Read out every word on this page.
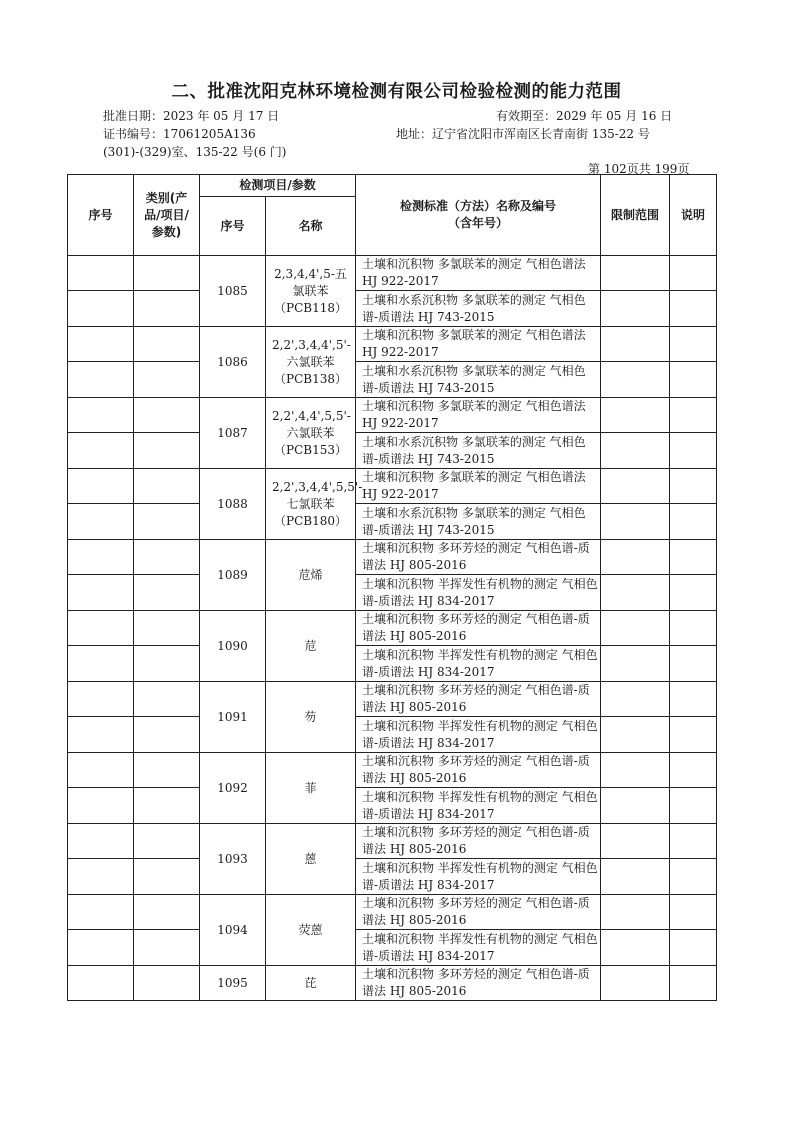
二、批准沈阳克林环境检测有限公司检验检测的能力范围
批准日期：2023 年 05 月 17 日	有效期至：2029 年 05 月 16 日
证书编号：17061205A136	地址：辽宁省沈阳市浑南区长青南街 135-22 号
(301)-(329)室、135-22 号(6 门)
第 102页共 199页
序号	类别(产品/项目/参数)	检测项目/参数		检测标准（方法）名称及编号（含年号）	限制范围	说明
		序号	名称			
		1085	2,3,4,4',5-五氯联苯（PCB118）	土壤和沉积物 多氯联苯的测定 气相色谱法 HJ 922-2017		
				土壤和水系沉积物 多氯联苯的测定 气相色谱-质谱法 HJ 743-2015		
		1086	2,2',3,4,4',5'-六氯联苯（PCB138）	土壤和沉积物 多氯联苯的测定 气相色谱法 HJ 922-2017		
				土壤和水系沉积物 多氯联苯的测定 气相色谱-质谱法 HJ 743-2015		
		1087	2,2',4,4',5,5'-六氯联苯（PCB153）	土壤和沉积物 多氯联苯的测定 气相色谱法 HJ 922-2017		
				土壤和水系沉积物 多氯联苯的测定 气相色谱-质谱法 HJ 743-2015		
		1088	2,2',3,4,4',5,5'-七氯联苯（PCB180）	土壤和沉积物 多氯联苯的测定 气相色谱法 HJ 922-2017		
				土壤和水系沉积物 多氯联苯的测定 气相色谱-质谱法 HJ 743-2015		
		1089	苊烯	土壤和沉积物 多环芳烃的测定 气相色谱-质谱法 HJ 805-2016		
				土壤和沉积物 半挥发性有机物的测定 气相色谱-质谱法 HJ 834-2017		
		1090	苊	土壤和沉积物 多环芳烃的测定 气相色谱-质谱法 HJ 805-2016		
				土壤和沉积物 半挥发性有机物的测定 气相色谱-质谱法 HJ 834-2017		
		1091	芴	土壤和沉积物 多环芳烃的测定 气相色谱-质谱法 HJ 805-2016		
				土壤和沉积物 半挥发性有机物的测定 气相色谱-质谱法 HJ 834-2017		
		1092	菲	土壤和沉积物 多环芳烃的测定 气相色谱-质谱法 HJ 805-2016		
				土壤和沉积物 半挥发性有机物的测定 气相色谱-质谱法 HJ 834-2017		
		1093	蒽	土壤和沉积物 多环芳烃的测定 气相色谱-质谱法 HJ 805-2016		
				土壤和沉积物 半挥发性有机物的测定 气相色谱-质谱法 HJ 834-2017		
		1094	荧蒽	土壤和沉积物 多环芳烃的测定 气相色谱-质谱法 HJ 805-2016		
				土壤和沉积物 半挥发性有机物的测定 气相色谱-质谱法 HJ 834-2017		
		1095	芘	土壤和沉积物 多环芳烃的测定 气相色谱-质谱法 HJ 805-2016		
